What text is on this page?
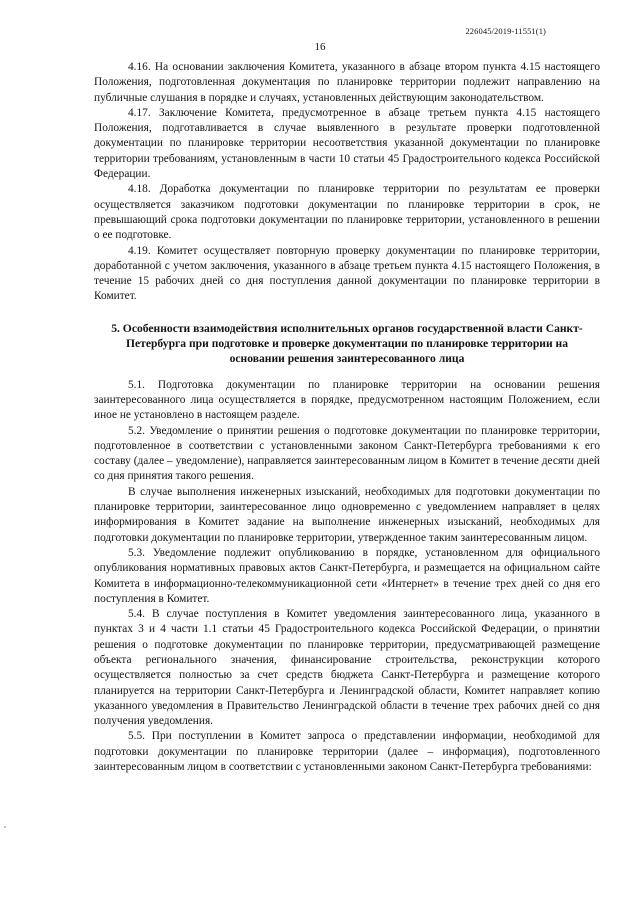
226045/2019-11551(1)
16

4.16. На основании заключения Комитета, указанного в абзаце втором пункта 4.15 настоящего Положения, подготовленная документация по планировке территории подлежит направлению на публичные слушания в порядке и случаях, установленных действующим законодательством.

4.17. Заключение Комитета, предусмотренное в абзаце третьем пункта 4.15 настоящего Положения, подготавливается в случае выявленного в результате проверки подготовленной документации по планировке территории несоответствия указанной документации по планировке территории требованиям, установленным в части 10 статьи 45 Градостроительного кодекса Российской Федерации.

4.18. Доработка документации по планировке территории по результатам ее проверки осуществляется заказчиком подготовки документации по планировке территории в срок, не превышающий срока подготовки документации по планировке территории, установленного в решении о ее подготовке.

4.19. Комитет осуществляет повторную проверку документации по планировке территории, доработанной с учетом заключения, указанного в абзаце третьем пункта 4.15 настоящего Положения, в течение 15 рабочих дней со дня поступления данной документации по планировке территории в Комитет.

5. Особенности взаимодействия исполнительных органов государственной власти Санкт-Петербурга при подготовке и проверке документации по планировке территории на основании решения заинтересованного лица

5.1. Подготовка документации по планировке территории на основании решения заинтересованного лица осуществляется в порядке, предусмотренном настоящим Положением, если иное не установлено в настоящем разделе.

5.2. Уведомление о принятии решения о подготовке документации по планировке территории, подготовленное в соответствии с установленными законом Санкт-Петербурга требованиями к его составу (далее – уведомление), направляется заинтересованным лицом в Комитет в течение десяти дней со дня принятия такого решения.

В случае выполнения инженерных изысканий, необходимых для подготовки документации по планировке территории, заинтересованное лицо одновременно с уведомлением направляет в целях информирования в Комитет задание на выполнение инженерных изысканий, необходимых для подготовки документации по планировке территории, утвержденное таким заинтересованным лицом.

5.3. Уведомление подлежит опубликованию в порядке, установленном для официального опубликования нормативных правовых актов Санкт-Петербурга, и размещается на официальном сайте Комитета в информационно-телекоммуникационной сети «Интернет» в течение трех дней со дня его поступления в Комитет.

5.4. В случае поступления в Комитет уведомления заинтересованного лица, указанного в пунктах 3 и 4 части 1.1 статьи 45 Градостроительного кодекса Российской Федерации, о принятии решения о подготовке документации по планировке территории, предусматривающей размещение объекта регионального значения, финансирование строительства, реконструкции которого осуществляется полностью за счет средств бюджета Санкт-Петербурга и размещение которого планируется на территории Санкт-Петербурга и Ленинградской области, Комитет направляет копию указанного уведомления в Правительство Ленинградской области в течение трех рабочих дней со дня получения уведомления.

5.5. При поступлении в Комитет запроса о представлении информации, необходимой для подготовки документации по планировке территории (далее – информация), подготовленного заинтересованным лицом в соответствии с установленными законом Санкт-Петербурга требованиями:
